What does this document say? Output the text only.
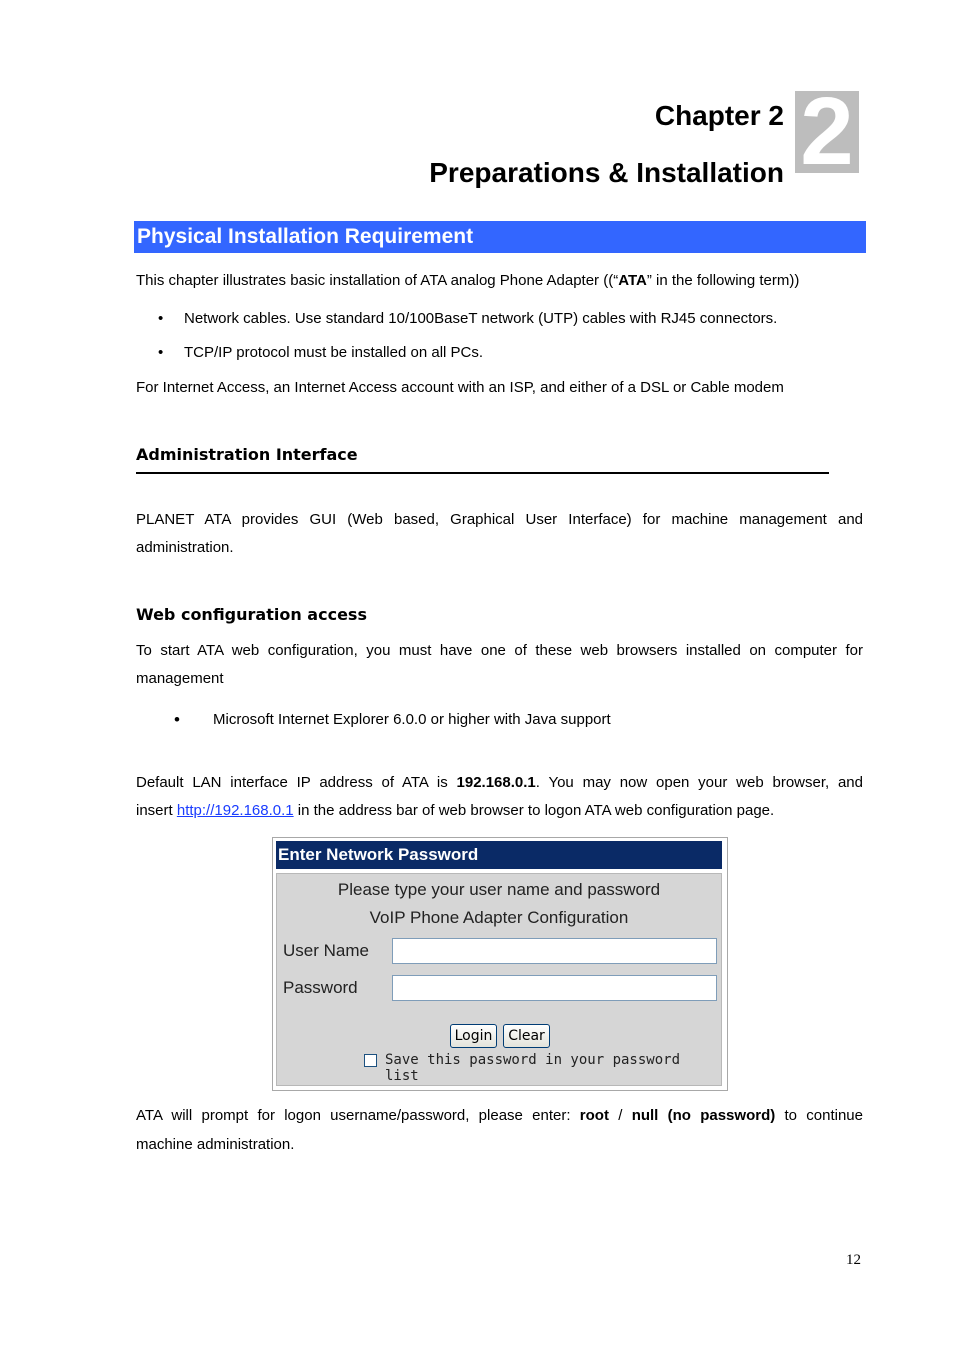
Chapter 2
Preparations & Installation 2
Physical Installation Requirement
This chapter illustrates basic installation of ATA analog Phone Adapter ((“ATA” in the following term))
• Network cables. Use standard 10/100BaseT network (UTP) cables with RJ45 connectors.
• TCP/IP protocol must be installed on all PCs.
For Internet Access, an Internet Access account with an ISP, and either of a DSL or Cable modem
Administration Interface
PLANET ATA provides GUI (Web based, Graphical User Interface) for machine management and
administration.
Web configuration access
To start ATA web configuration, you must have one of these web browsers installed on computer for
management
• Microsoft Internet Explorer 6.0.0 or higher with Java support
Default LAN interface IP address of ATA is 192.168.0.1. You may now open your web browser, and
insert http://192.168.0.1 in the address bar of web browser to logon ATA web configuration page.
Enter Network Password
Please type your user name and password
VoIP Phone Adapter Configuration
User Name
Password
Login	Clear
Save this password in your password list
ATA will prompt for logon username/password, please enter: root / null (no password) to continue
machine administration.
12
